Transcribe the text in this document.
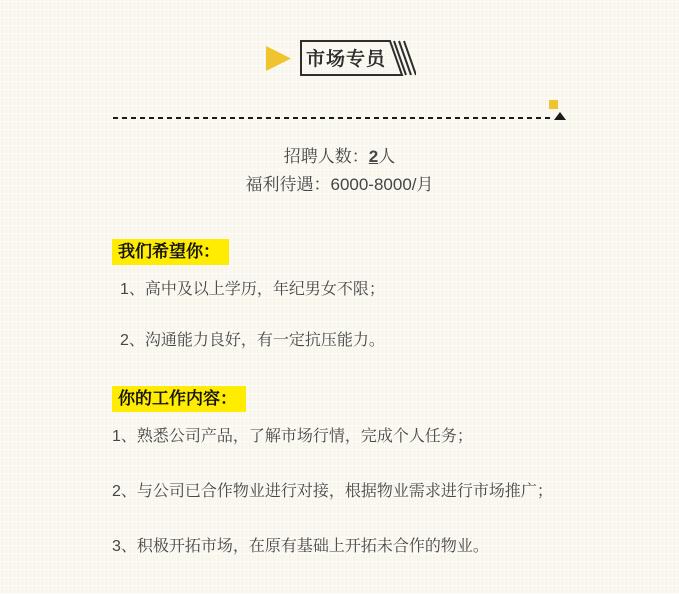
市场专员

招聘人数：2人

福利待遇：6000-8000/月

我们希望你：

1、高中及以上学历，年纪男女不限；

2、沟通能力良好，有一定抗压能力。

你的工作内容：

1、熟悉公司产品，了解市场行情，完成个人任务；

2、与公司已合作物业进行对接，根据物业需求进行市场推广；

3、积极开拓市场，在原有基础上开拓未合作的物业。
